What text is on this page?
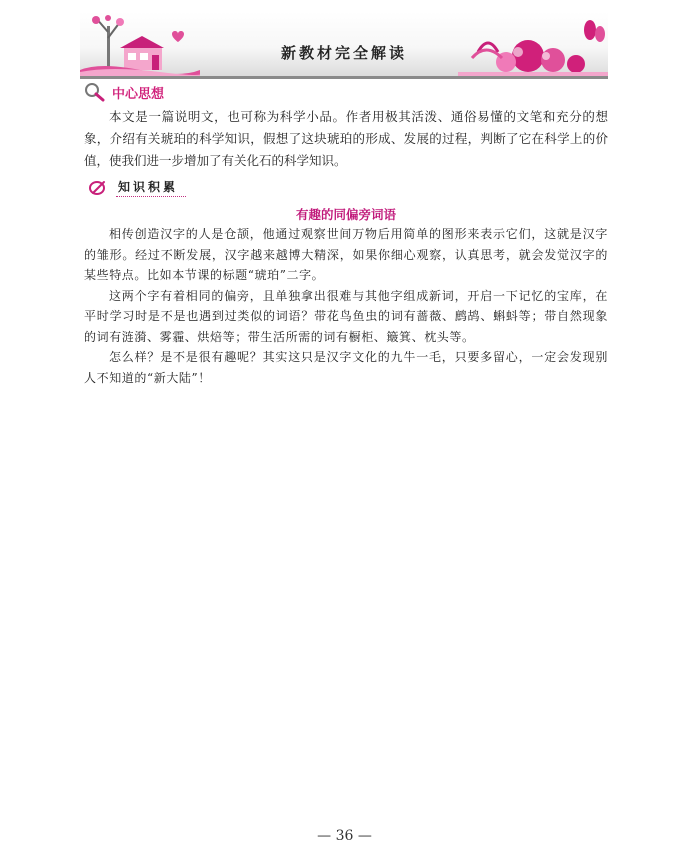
新教材完全解读
中心思想

本文是一篇说明文，也可称为科学小品。作者用极其活泼、通俗易懂的文笔和充分的想象，介绍有关琥珀的科学知识，假想了这块琥珀的形成、发展的过程，判断了它在科学上的价值，使我们进一步增加了有关化石的科学知识。

知识积累
有趣的同偏旁词语

相传创造汉字的人是仓颉，他通过观察世间万物后用简单的图形来表示它们，这就是汉字的雏形。经过不断发展，汉字越来越博大精深，如果你细心观察，认真思考，就会发觉汉字的某些特点。比如本节课的标题“琥珀”二字。

这两个字有着相同的偏旁，且单独拿出很难与其他字组成新词，开启一下记忆的宝库，在平时学习时是不是也遇到过类似的词语？带花鸟鱼虫的词有蔷薇、鹧鸪、蝌蚪等；带自然现象的词有涟漪、雾霾、烘焙等；带生活所需的词有橱柜、簸箕、枕头等。

怎么样？是不是很有趣呢？其实这只是汉字文化的九牛一毛，只要多留心，一定会发现别人不知道的“新大陆”！

— 36 —
